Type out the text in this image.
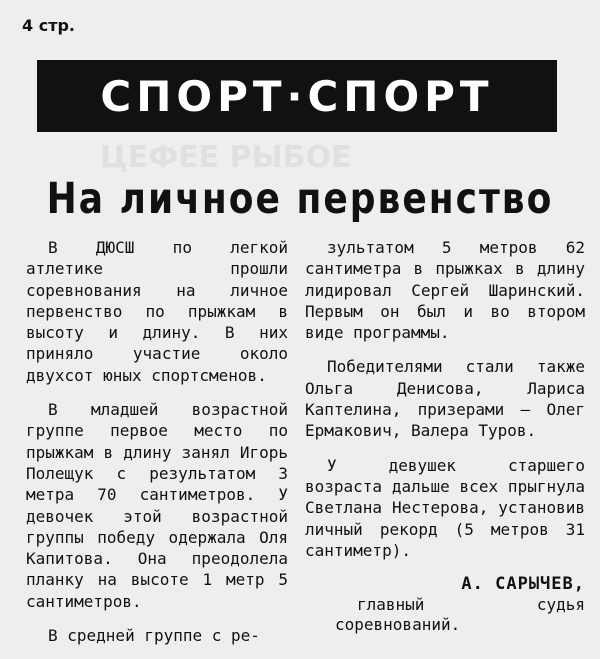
4 стр.
СПОРТ·СПОРТ
ЦЕФЕЕ РЫБОЕ
На личное первенство

В ДЮСШ по легкой атлетике прошли соревнования на личное первенство по прыжкам в высоту и длину. В них приняло участие около двухсот юных спортсменов.

В младшей возрастной группе первое место по прыжкам в длину занял Игорь Полещук с результатом 3 метра 70 сантиметров. У девочек этой возрастной группы победу одержала Оля Капитова. Она преодолела планку на высоте 1 метр 5 сантиметров.

В средней группе с ре-

зультатом 5 метров 62 сантиметра в прыжках в длину лидировал Сергей Шаринский. Первым он был и во втором виде программы.

Победителями стали также Ольга Денисова, Лариса Каптелина, призерами — Олег Ермакович, Валера Туров.

У девушек старшего возраста дальше всех прыгнула Светлана Нестерова, установив личный рекорд (5 метров 31 сантиметр).

А. САРЫЧЕВ,

главный судья соревнований.
